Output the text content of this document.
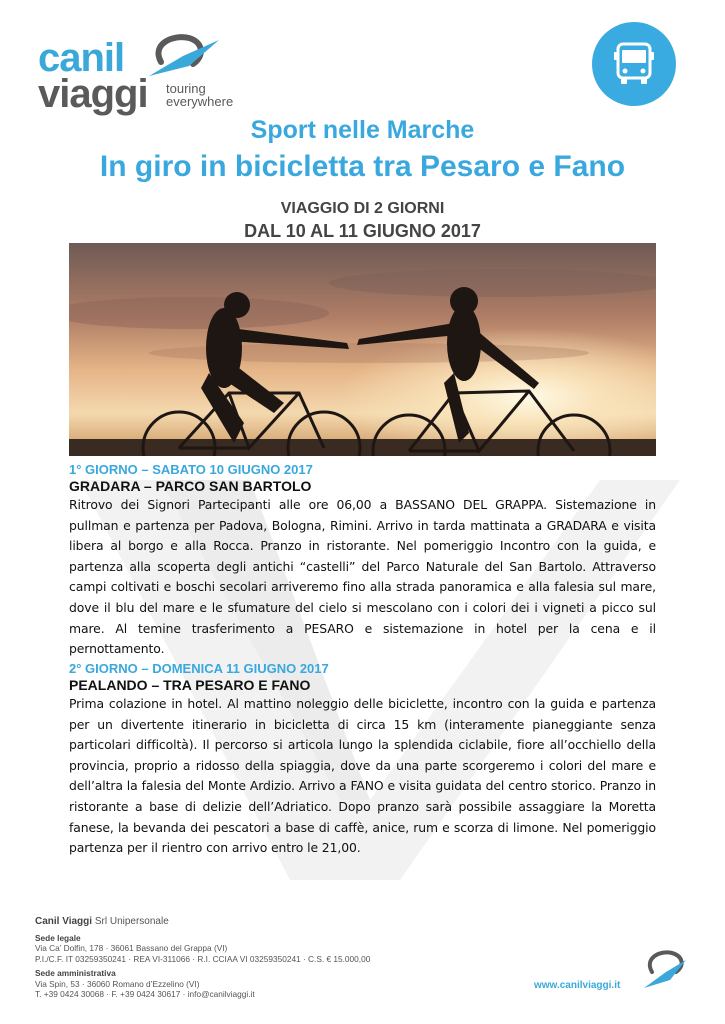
canil
viaggi touring
everywhere
Sport nelle Marche
In giro in bicicletta tra Pesaro e Fano
VIAGGIO DI 2 GIORNI
DAL 10 AL 11 GIUGNO 2017
1° GIORNO – SABATO 10 GIUGNO 2017
GRADARA – PARCO SAN BARTOLO
Ritrovo dei Signori Partecipanti alle ore 06,00 a BASSANO DEL GRAPPA. Sistemazione in pullman e partenza per Padova, Bologna, Rimini. Arrivo in tarda mattinata a GRADARA e visita libera al borgo e alla Rocca. Pranzo in ristorante. Nel pomeriggio Incontro con la guida, e partenza alla scoperta degli antichi “castelli” del Parco Naturale del San Bartolo. Attraverso campi coltivati e boschi secolari arriveremo fino alla strada panoramica e alla falesia sul mare, dove il blu del mare e le sfumature del cielo si mescolano con i colori dei i vigneti a picco sul mare. Al temine trasferimento a PESARO e sistemazione in hotel per la cena e il pernottamento.
2° GIORNO – DOMENICA 11 GIUGNO 2017
PEALANDO – TRA PESARO E FANO
Prima colazione in hotel. Al mattino noleggio delle biciclette, incontro con la guida e partenza per un divertente itinerario in bicicletta di circa 15 km (interamente pianeggiante senza particolari difficoltà). Il percorso si articola lungo la splendida ciclabile, fiore all’occhiello della provincia, proprio a ridosso della spiaggia, dove da una parte scorgeremo i colori del mare e dell’altra la falesia del Monte Ardizio. Arrivo a FANO e visita guidata del centro storico. Pranzo in ristorante a base di delizie dell’Adriatico. Dopo pranzo sarà possibile assaggiare la Moretta fanese, la bevanda dei pescatori a base di caffè, anice, rum e scorza di limone. Nel pomeriggio partenza per il rientro con arrivo entro le 21,00.
Canil Viaggi Srl Unipersonale
Sede legale
Via Ca’ Dolfin, 178 · 36061 Bassano del Grappa (VI)
P.I./C.F. IT 03259350241 · REA VI-311066 · R.I. CCIAA VI 03259350241 · C.S. € 15.000,00
Sede amministrativa
Via Spin, 53 · 36060 Romano d’Ezzelino (VI)
T. +39 0424 30068 · F. +39 0424 30617 · info@canilviaggi.it
www.canilviaggi.it
